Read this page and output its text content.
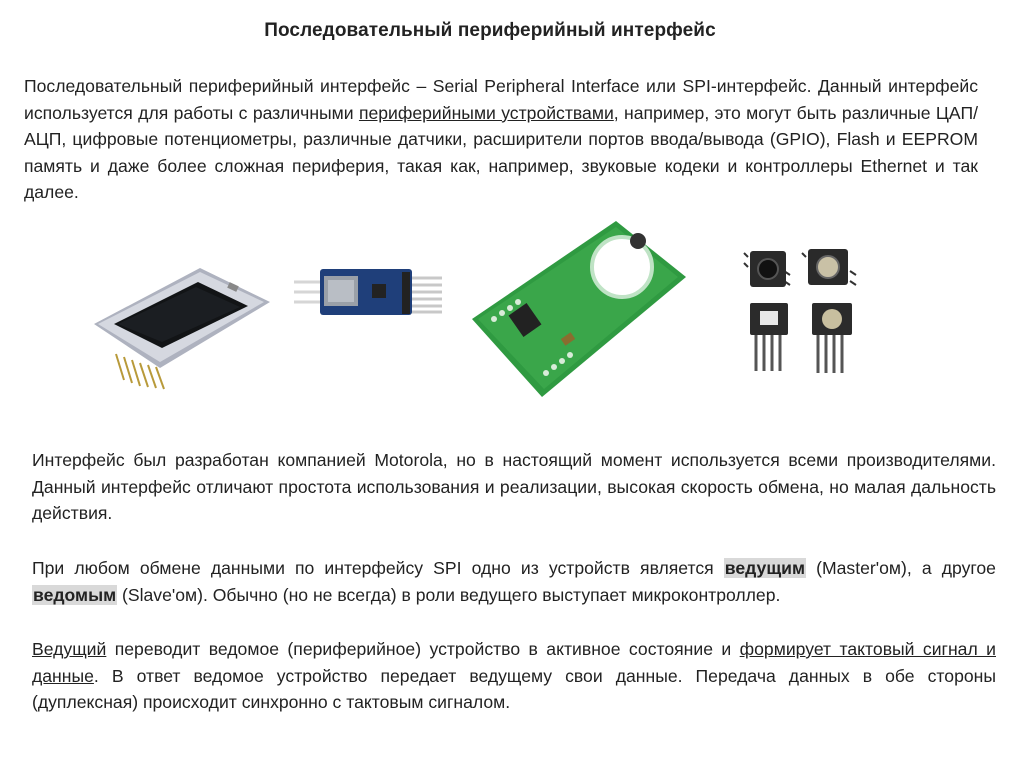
Последовательный периферийный интерфейс
Последовательный периферийный интерфейс – Serial Peripheral Interface или SPI-интерфейс. Данный интерфейс используется для работы с различными периферийными устройствами, например, это могут быть различные ЦАП/АЦП, цифровые потенциометры, различные датчики, расширители портов ввода/вывода (GPIO), Flash и EEPROM память и даже более сложная периферия, такая как, например, звуковые кодеки и контроллеры Ethernet и так далее.
Интерфейс был разработан компанией Motorola, но в настоящий момент используется всеми производителями. Данный интерфейс отличают простота использования и реализации, высокая скорость обмена, но малая дальность действия.
При любом обмене данными по интерфейсу SPI одно из устройств является ведущим (Master'ом), а другое ведомым (Slave'ом). Обычно (но не всегда) в роли ведущего выступает микроконтроллер.
Ведущий переводит ведомое (периферийное) устройство в активное состояние и формирует тактовый сигнал и данные. В ответ ведомое устройство передает ведущему свои данные. Передача данных в обе стороны (дуплексная) происходит синхронно с тактовым сигналом.
